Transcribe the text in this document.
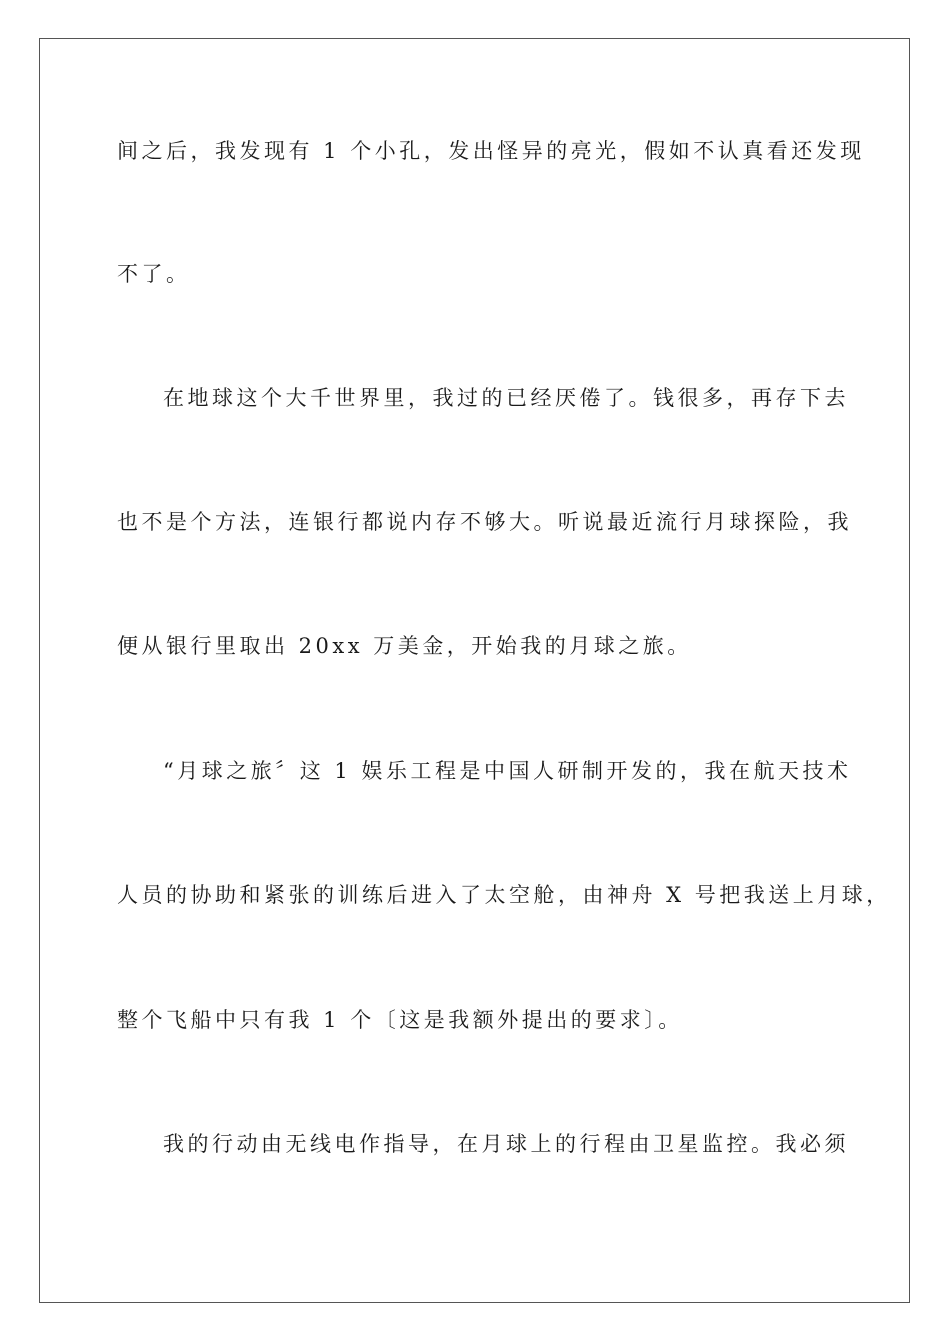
间之后，我发现有 1 个小孔，发出怪异的亮光，假如不认真看还发现
不了。
在地球这个大千世界里，我过的已经厌倦了。钱很多，再存下去
也不是个方法，连银行都说内存不够大。听说最近流行月球探险，我
便从银行里取出 20xx 万美金，开始我的月球之旅。
“月球之旅〞这 1 娱乐工程是中国人研制开发的，我在航天技术
人员的协助和紧张的训练后进入了太空舱，由神舟 X 号把我送上月球，
整个飞船中只有我 1 个〔这是我额外提出的要求〕。
我的行动由无线电作指导，在月球上的行程由卫星监控。我必须
